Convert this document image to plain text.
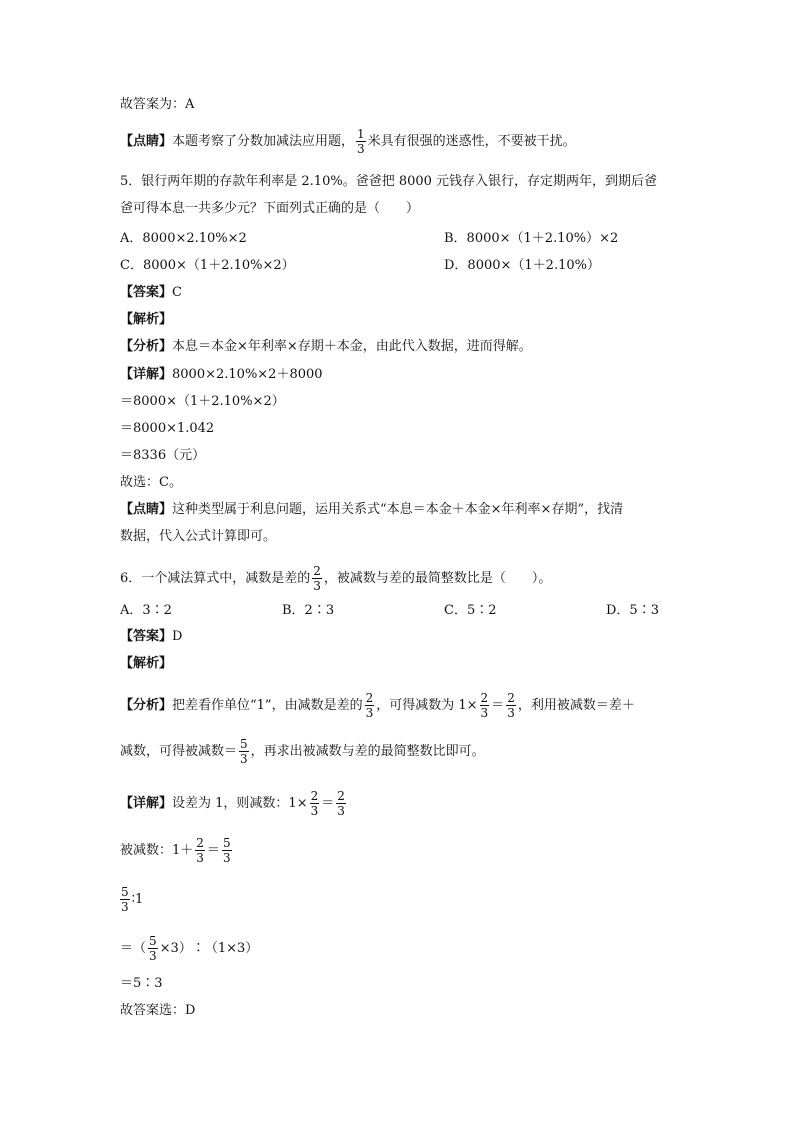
故答案为：A
【点睛】本题考察了分数加减法应用题， $\frac{1}{3}$ 米具有很强的迷惑性，不要被干扰。
5．银行两年期的存款年利率是 2.10%。爸爸把 8000 元钱存入银行，存定期两年，到期后爸
爸可得本息一共多少元？下面列式正确的是（　　）
A．8000×2.10%×2	B．8000×（1＋2.10%）×2
C．8000×（1＋2.10%×2）	D．8000×（1＋2.10%）
【答案】C
【解析】
【分析】本息＝本金×年利率×存期＋本金，由此代入数据，进而得解。
【详解】8000×2.10%×2＋8000
＝8000×（1＋2.10%×2）
＝8000×1.042
＝8336（元）
故选：C。
【点睛】这种类型属于利息问题，运用关系式“本息＝本金＋本金×年利率×存期”，找清
数据，代入公式计算即可。
6．一个减法算式中，减数是差的 $\frac{2}{3}$ ，被减数与差的最简整数比是（　　）。
A．3∶2	B．2∶3	C．5∶2	D．5∶3
【答案】D
【解析】
【分析】把差看作单位“1”，由减数是差的 $\frac{2}{3}$ ，可得减数为 $1\times \frac{2}{3} = \frac{2}{3}$ ，利用被减数＝差＋
减数，可得被减数＝ $\frac{5}{3}$ ，再求出被减数与差的最简整数比即可。
【详解】设差为 1，则减数：$1\times \frac{2}{3} = \frac{2}{3}$
被减数：$1+ \frac{2}{3} = \frac{5}{3}$
$\frac{5}{3}$ ∶1
＝（ $\frac{5}{3}$ ×3）∶（1×3）
＝5∶3
故答案选：D
